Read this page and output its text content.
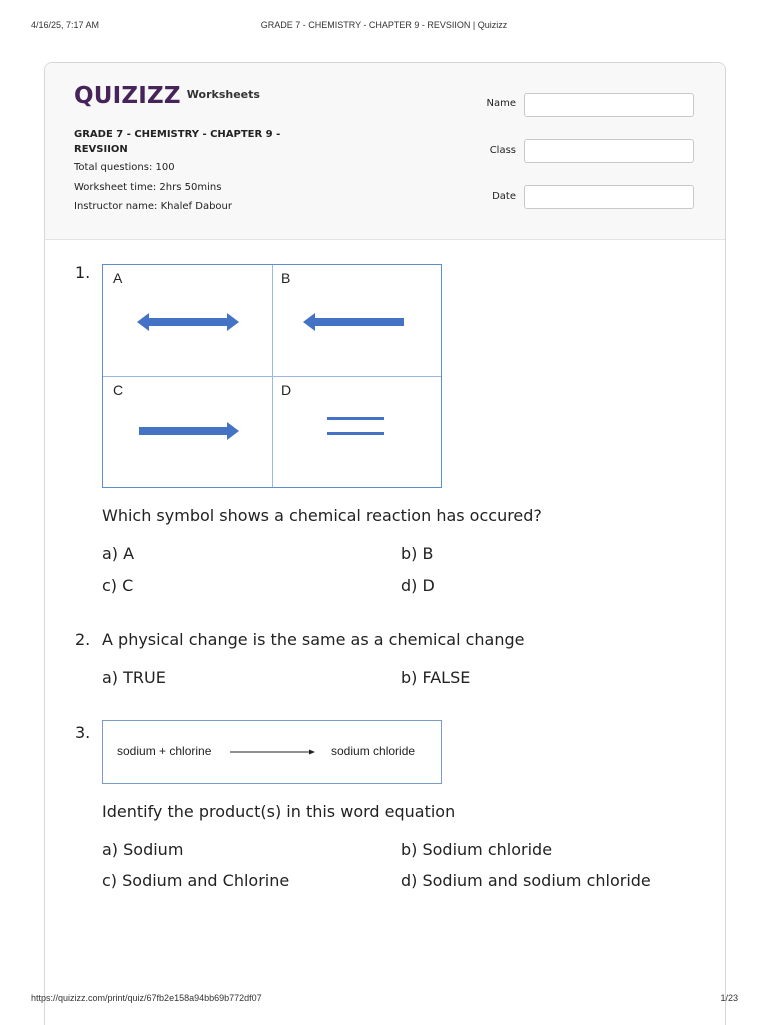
4/16/25, 7:17 AM	GRADE 7 - CHEMISTRY - CHAPTER 9 - REVSIION | Quizizz
QUIZIZZ Worksheets
GRADE 7 - CHEMISTRY - CHAPTER 9 - REVSIION
Total questions: 100
Worksheet time: 2hrs 50mins
Instructor name: Khalef Dabour
Name
Class
Date
1. A	B
C	D
Which symbol shows a chemical reaction has occured?
a) A	b) B
c) C	d) D
2. A physical change is the same as a chemical change
a) TRUE	b) FALSE
3.
sodium + chlorine	sodium chloride
Identify the product(s) in this word equation
a) Sodium	b) Sodium chloride
c) Sodium and Chlorine	d) Sodium and sodium chloride
https://quizizz.com/print/quiz/67fb2e158a94bb69b772df07	1/23
